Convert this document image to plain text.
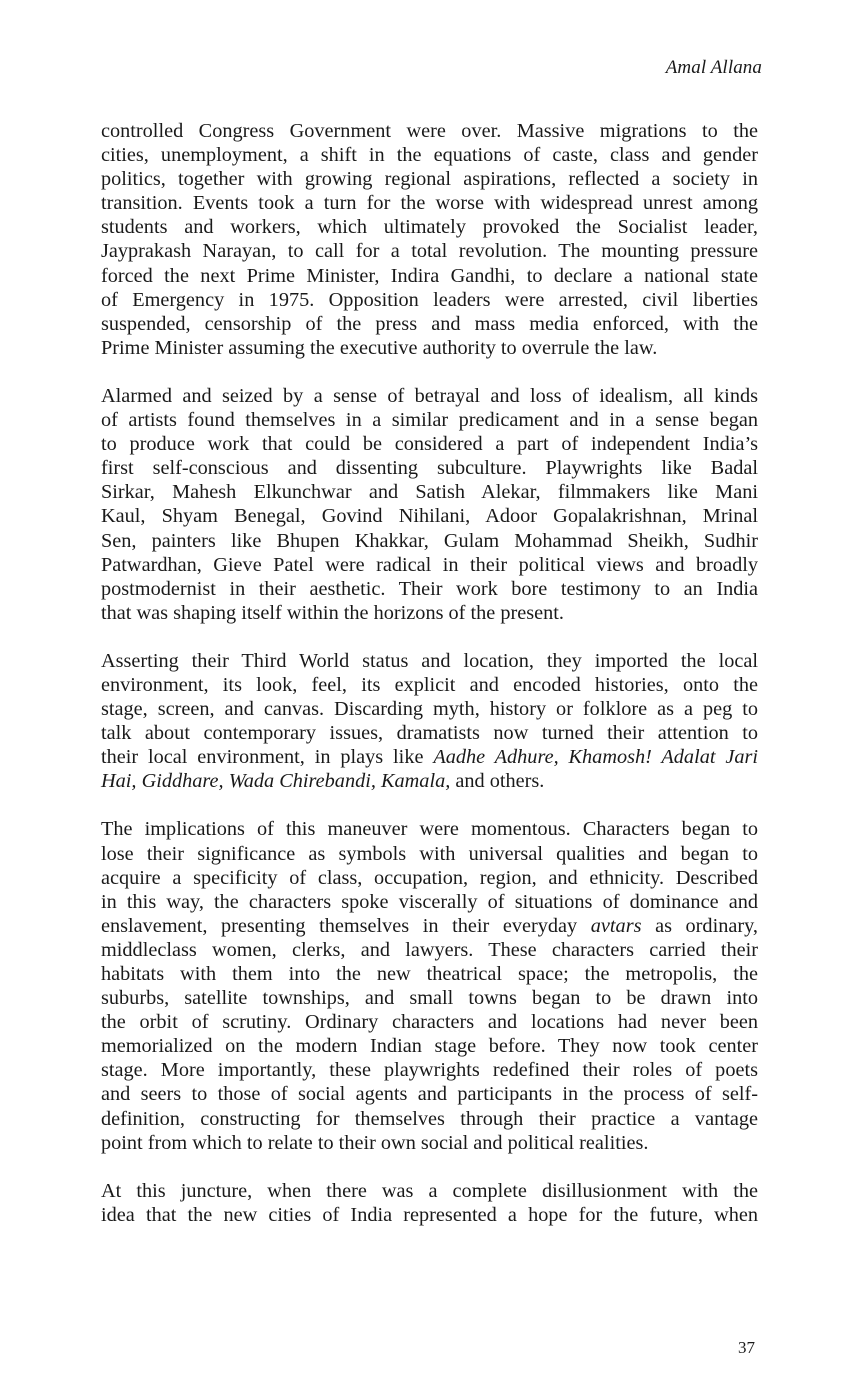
Amal Allana

controlled Congress Government were over. Massive migrations to the
cities, unemployment, a shift in the equations of caste, class and gender
politics, together with growing regional aspirations, reflected a society in
transition. Events took a turn for the worse with widespread unrest among
students and workers, which ultimately provoked the Socialist leader,
Jayprakash Narayan, to call for a total revolution. The mounting pressure
forced the next Prime Minister, Indira Gandhi, to declare a national state
of Emergency in 1975. Opposition leaders were arrested, civil liberties
suspended, censorship of the press and mass media enforced, with the
Prime Minister assuming the executive authority to overrule the law.

Alarmed and seized by a sense of betrayal and loss of idealism, all kinds
of artists found themselves in a similar predicament and in a sense began
to produce work that could be considered a part of independent India’s
first self-conscious and dissenting subculture. Playwrights like Badal
Sirkar, Mahesh Elkunchwar and Satish Alekar, filmmakers like Mani
Kaul, Shyam Benegal, Govind Nihilani, Adoor Gopalakrishnan, Mrinal
Sen, painters like Bhupen Khakkar, Gulam Mohammad Sheikh, Sudhir
Patwardhan, Gieve Patel were radical in their political views and broadly
postmodernist in their aesthetic. Their work bore testimony to an India
that was shaping itself within the horizons of the present.

Asserting their Third World status and location, they imported the local
environment, its look, feel, its explicit and encoded histories, onto the
stage, screen, and canvas. Discarding myth, history or folklore as a peg to
talk about contemporary issues, dramatists now turned their attention to
their local environment, in plays like Aadhe Adhure, Khamosh! Adalat Jari
Hai, Giddhare, Wada Chirebandi, Kamala, and others.

The implications of this maneuver were momentous. Characters began to
lose their significance as symbols with universal qualities and began to
acquire a specificity of class, occupation, region, and ethnicity. Described
in this way, the characters spoke viscerally of situations of dominance and
enslavement, presenting themselves in their everyday avtars as ordinary,
middleclass women, clerks, and lawyers. These characters carried their
habitats with them into the new theatrical space; the metropolis, the
suburbs, satellite townships, and small towns began to be drawn into
the orbit of scrutiny. Ordinary characters and locations had never been
memorialized on the modern Indian stage before. They now took center
stage. More importantly, these playwrights redefined their roles of poets
and seers to those of social agents and participants in the process of self-
definition, constructing for themselves through their practice a vantage
point from which to relate to their own social and political realities.

At this juncture, when there was a complete disillusionment with the
idea that the new cities of India represented a hope for the future, when

37
